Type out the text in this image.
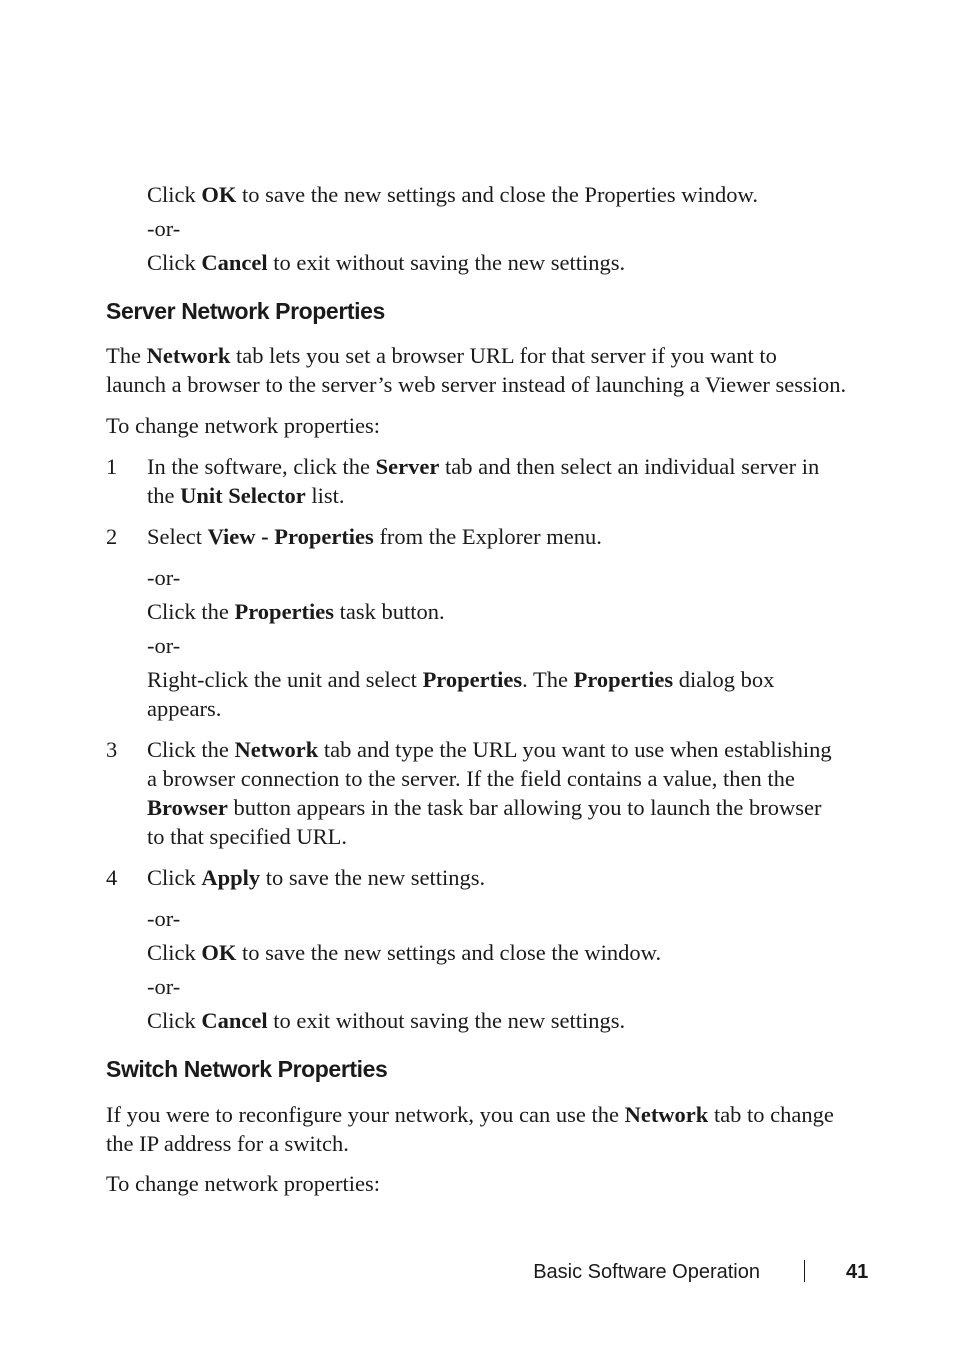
Click OK to save the new settings and close the Properties window.
-or-
Click Cancel to exit without saving the new settings.
Server Network Properties
The Network tab lets you set a browser URL for that server if you want to
launch a browser to the server’s web server instead of launching a Viewer session.
To change network properties:
1 In the software, click the Server tab and then select an individual server in
the Unit Selector list.
2 Select View - Properties from the Explorer menu.
-or-
Click the Properties task button.
-or-
Right-click the unit and select Properties. The Properties dialog box
appears.
3 Click the Network tab and type the URL you want to use when establishing
a browser connection to the server. If the field contains a value, then the
Browser button appears in the task bar allowing you to launch the browser
to that specified URL.
4 Click Apply to save the new settings.
-or-
Click OK to save the new settings and close the window.
-or-
Click Cancel to exit without saving the new settings.
Switch Network Properties
If you were to reconfigure your network, you can use the Network tab to change
the IP address for a switch.
To change network properties:
Basic Software Operation	41
